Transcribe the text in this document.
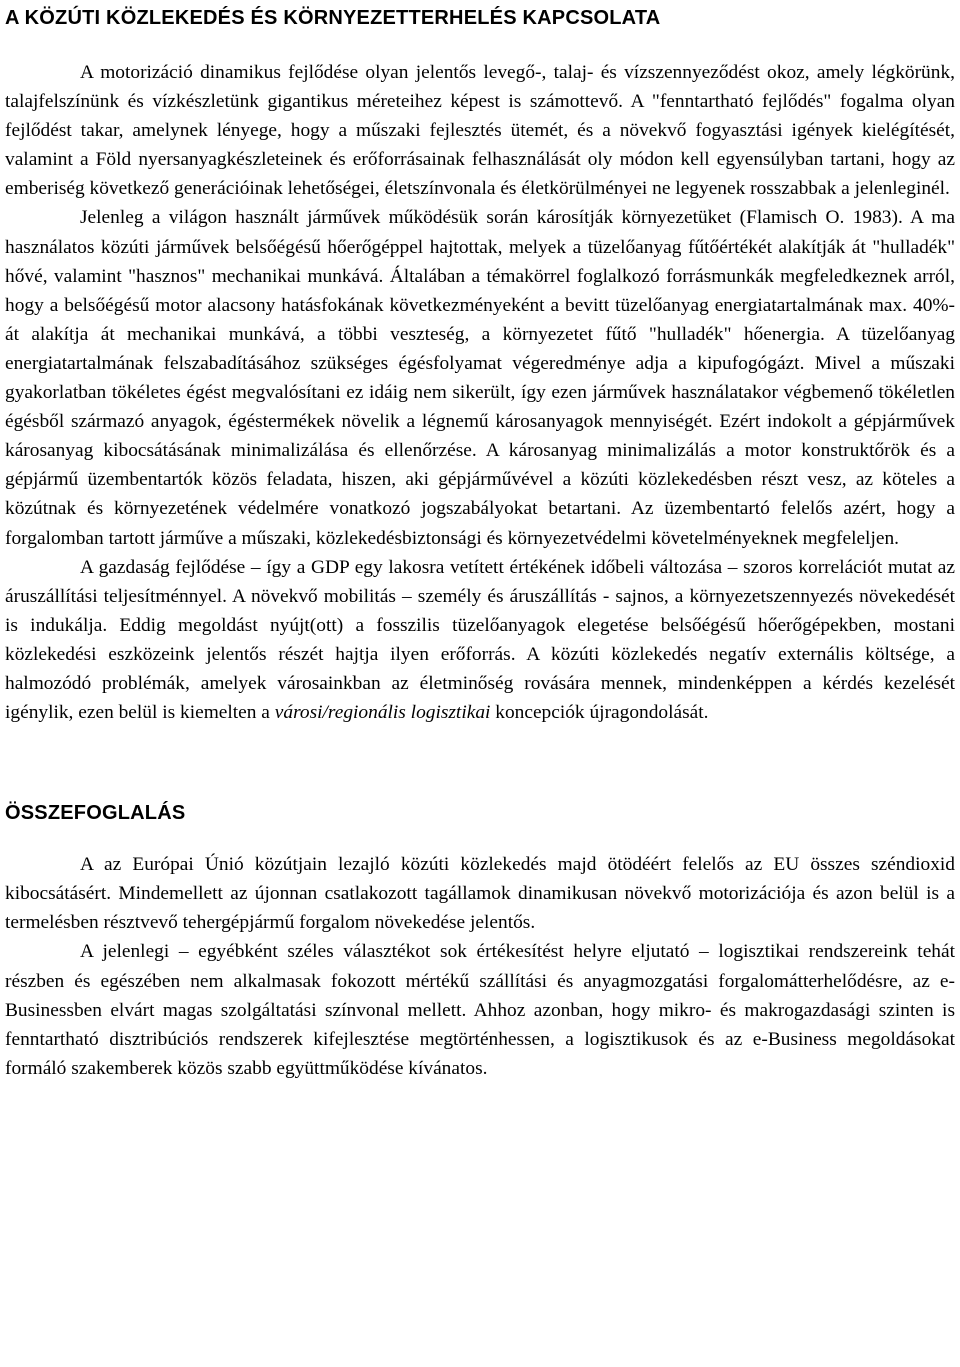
A KÖZÚTI KÖZLEKEDÉS ÉS KÖRNYEZETTERHELÉS KAPCSOLATA

A motorizáció dinamikus fejlődése olyan jelentős levegő-, talaj- és vízszennyeződést okoz, amely légkörünk, talajfelszínünk és vízkészletünk gigantikus méreteihez képest is számottevő. A "fenntartható fejlődés" fogalma olyan fejlődést takar, amelynek lényege, hogy a műszaki fejlesztés ütemét, és a növekvő fogyasztási igények kielégítését, valamint a Föld nyersanyagkészleteinek és erőforrásainak felhasználását oly módon kell egyensúlyban tartani, hogy az emberiség következő generációinak lehetőségei, életszínvonala és életkörülményei ne legyenek rosszabbak a jelenleginél.

Jelenleg a világon használt járművek működésük során károsítják környezetüket (Flamisch O. 1983). A ma használatos közúti járművek belsőégésű hőerőgéppel hajtottak, melyek a tüzelőanyag fűtőértékét alakítják át "hulladék" hővé, valamint "hasznos" mechanikai munkává. Általában a témakörrel foglalkozó forrásmunkák megfeledkeznek arról, hogy a belsőégésű motor alacsony hatásfokának következményeként a bevitt tüzelőanyag energiatartalmának max. 40%-át alakítja át mechanikai munkává, a többi veszteség, a környezetet fűtő "hulladék" hőenergia. A tüzelőanyag energiatartalmának felszabadításához szükséges égésfolyamat végeredménye adja a kipufogógázt. Mivel a műszaki gyakorlatban tökéletes égést megvalósítani ez idáig nem sikerült, így ezen járművek használatakor végbemenő tökéletlen égésből származó anyagok, égéstermékek növelik a légnemű károsanyagok mennyiségét. Ezért indokolt a gépjárművek károsanyag kibocsátásának minimalizálása és ellenőrzése. A károsanyag minimalizálás a motor konstruktőrök és a gépjármű üzembentartók közös feladata, hiszen, aki gépjárművével a közúti közlekedésben részt vesz, az köteles a közútnak és környezetének védelmére vonatkozó jogszabályokat betartani. Az üzembentartó felelős azért, hogy a forgalomban tartott járműve a műszaki, közlekedésbiztonsági és környezetvédelmi követelményeknek megfeleljen.

A gazdaság fejlődése – így a GDP egy lakosra vetített értékének időbeli változása – szoros korrelációt mutat az áruszállítási teljesítménnyel. A növekvő mobilitás – személy és áruszállítás - sajnos, a környezetszennyezés növekedését is indukálja. Eddig megoldást nyújt(ott) a fosszilis tüzelőanyagok elegetése belsőégésű hőerőgépekben, mostani közlekedési eszközeink jelentős részét hajtja ilyen erőforrás. A közúti közlekedés negatív externális költsége, a halmozódó problémák, amelyek városainkban az életminőség rovására mennek, mindenképpen a kérdés kezelését igénylik, ezen belül is kiemelten a városi/regionális logisztikai koncepciók újragondolását.

ÖSSZEFOGLALÁS

A az Európai Únió közútjain lezajló közúti közlekedés majd ötödéért felelős az EU összes széndioxid kibocsátásért. Mindemellett az újonnan csatlakozott tagállamok dinamikusan növekvő motorizációja és azon belül is a termelésben résztvevő tehergépjármű forgalom növekedése jelentős.

A jelenlegi – egyébként széles választékot sok értékesítést helyre eljutató – logisztikai rendszereink tehát részben és egészében nem alkalmasak fokozott mértékű szállítási és anyagmozgatási forgalomátterhelődésre, az e-Businessben elvárt magas szolgáltatási színvonal mellett. Ahhoz azonban, hogy mikro- és makrogazdasági szinten is fenntartható disztribúciós rendszerek kifejlesztése megtörténhessen, a logisztikusok és az e-Business megoldásokat formáló szakemberek közös szabb együttműködése kívánatos.
